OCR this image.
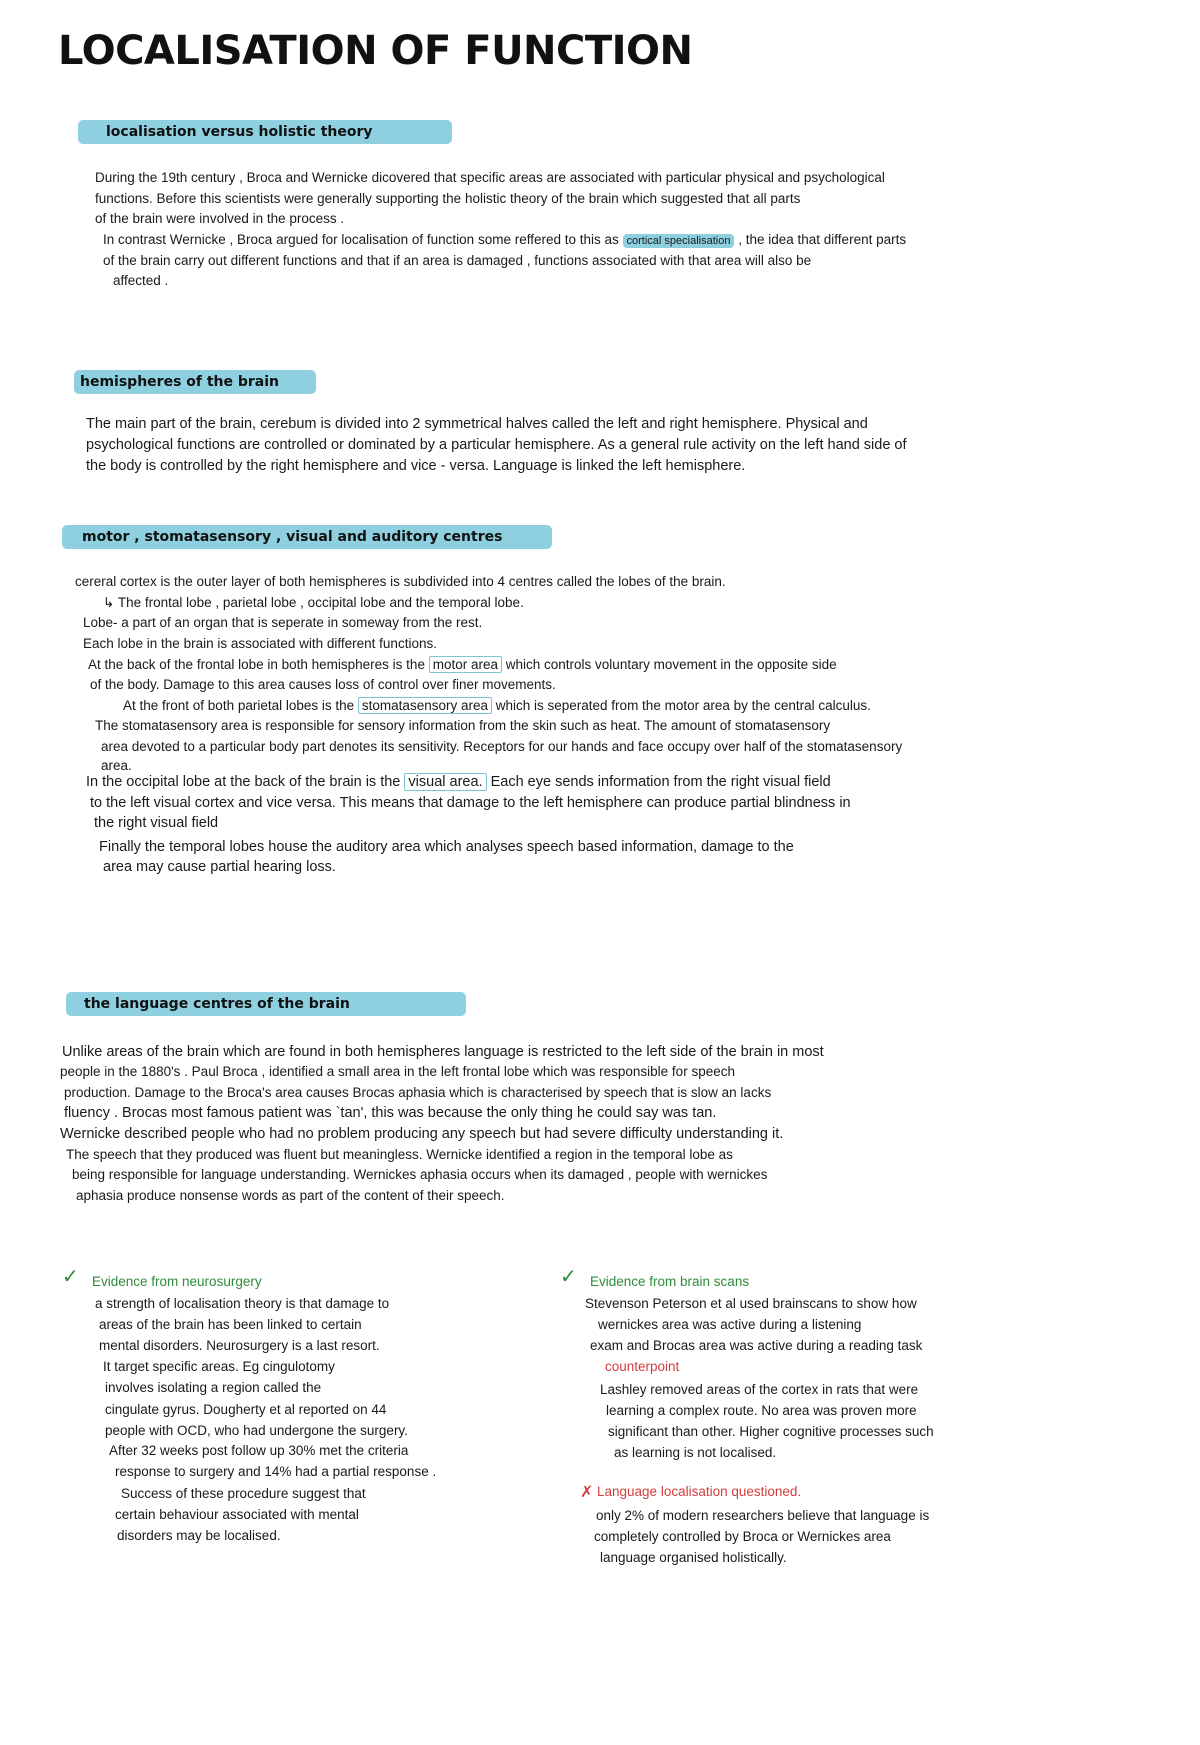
LOCALISATION OF FUNCTION
localisation versus holistic theory

During the 19th century , Broca and Wernicke dicovered that specific areas are associated with particular physical and psychological

functions. Before this scientists were generally supporting the holistic theory of the brain which suggested that all parts

of the brain were involved in the process .

In contrast Wernicke , Broca argued for localisation of function some reffered to this as cortical specialisation , the idea that different parts

of the brain carry out different functions and that if an area is damaged , functions associated with that area will also be

affected .

hemispheres of the brain

The main part of the brain, cerebum is divided into 2 symmetrical halves called the left and right hemisphere. Physical and

psychological functions are controlled or dominated by a particular hemisphere. As a general rule activity on the left hand side of

the body is controlled by the right hemisphere and vice - versa. Language is linked the left hemisphere.

motor , stomatasensory , visual and auditory centres

cereral cortex is the outer layer of both hemispheres is subdivided into 4 centres called the lobes of the brain.

↳ The frontal lobe , parietal lobe , occipital lobe and the temporal lobe.

Lobe- a part of an organ that is seperate in someway from the rest.

Each lobe in the brain is associated with different functions.

At the back of the frontal lobe in both hemispheres is the motor area which controls voluntary movement in the opposite side

of the body. Damage to this area causes loss of control over finer movements.

At the front of both parietal lobes is the stomatasensory area which is seperated from the motor area by the central calculus.

The stomatasensory area is responsible for sensory information from the skin such as heat. The amount of stomatasensory

area devoted to a particular body part denotes its sensitivity. Receptors for our hands and face occupy over half of the stomatasensory

area.

In the occipital lobe at the back of the brain is the visual area. Each eye sends information from the right visual field

to the left visual cortex and vice versa. This means that damage to the left hemisphere can produce partial blindness in

the right visual field

Finally the temporal lobes house the auditory area which analyses speech based information, damage to the

area may cause partial hearing loss.

the language centres of the brain

Unlike areas of the brain which are found in both hemispheres language is restricted to the left side of the brain in most

people in the 1880's . Paul Broca , identified a small area in the left frontal lobe which was responsible for speech

production. Damage to the Broca's area causes Brocas aphasia which is characterised by speech that is slow an lacks

fluency . Brocas most famous patient was `tan', this was because the only thing he could say was tan.

Wernicke described people who had no problem producing any speech but had severe difficulty understanding it.

The speech that they produced was fluent but meaningless. Wernicke identified a region in the temporal lobe as

being responsible for language understanding. Wernickes aphasia occurs when its damaged , people with wernickes

aphasia produce nonsense words as part of the content of their speech.

✓ Evidence from neurosurgery

a strength of localisation theory is that damage to

areas of the brain has been linked to certain

mental disorders. Neurosurgery is a last resort.

It target specific areas. Eg cingulotomy

involves isolating a region called the

cingulate gyrus. Dougherty et al reported on 44

people with OCD, who had undergone the surgery.

After 32 weeks post follow up 30% met the criteria

response to surgery and 14% had a partial response .

Success of these procedure suggest that

certain behaviour associated with mental

disorders may be localised.

✓ Evidence from brain scans

Stevenson Peterson et al used brainscans to show how

wernickes area was active during a listening

exam and Brocas area was active during a reading task

counterpoint

Lashley removed areas of the cortex in rats that were

learning a complex route. No area was proven more

significant than other. Higher cognitive processes such

as learning is not localised.

✗ Language localisation questioned.

only 2% of modern researchers believe that language is

completely controlled by Broca or Wernickes area

language organised holistically.
